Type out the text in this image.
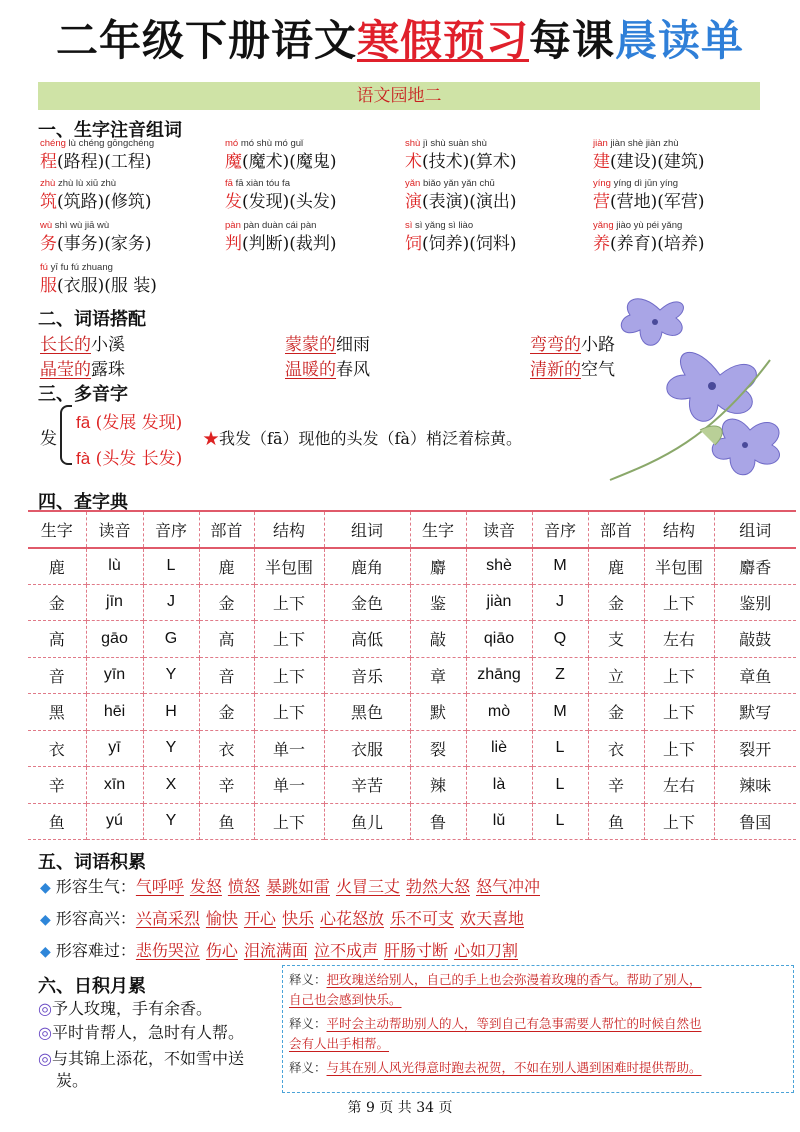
二年级下册语文寒假预习每课晨读单
语文园地二
一、生字注音组词
chéng lù chéng gōngchéng
程(路程)(工程)
mó mó shù mó guǐ
魔(魔术)(魔鬼)
shù jì shù suàn shù
术(技术)(算术)
jiàn jiàn shè jiàn zhù
建(建设)(建筑)
zhù zhù lù xiū zhù
筑(筑路)(修筑)
fā fā xiàn tóu fa
发(发现)(头发)
yǎn biǎo yǎn yǎn chū
演(表演)(演出)
yíng yíng dì jūn yíng
营(营地)(军营)
wù shì wù jiā wù
务(事务)(家务)
pàn pàn duàn cái pàn
判(判断)(裁判)
sì sì yǎng sì liào
饲(饲养)(饲料)
yǎng jiào yù péi yǎng
养(养育)(培养)
fú yī fu fú zhuang
服(衣服)(服 装)
二、词语搭配
长长的小溪	蒙蒙的细雨	弯弯的小路
晶莹的露珠	温暖的春风	清新的空气
三、多音字
发
fā (发展 发现)
fà (头发 长发)
★我发（fā）现他的头发（fà）梢泛着棕黄。
四、查字典
生字	读音	音序	部首	结构	组词	生字	读音	音序	部首	结构	组词
鹿	lù	L	鹿	半包围	鹿角	麝	shè	M	鹿	半包围	麝香
金	jīn	J	金	上下	金色	鉴	jiàn	J	金	上下	鉴别
高	gāo	G	高	上下	高低	敲	qiāo	Q	支	左右	敲鼓
音	yīn	Y	音	上下	音乐	章	zhāng	Z	立	上下	章鱼
黑	hēi	H	金	上下	黑色	默	mò	M	金	上下	默写
衣	yī	Y	衣	单一	衣服	裂	liè	L	衣	上下	裂开
辛	xīn	X	辛	单一	辛苦	辣	là	L	辛	左右	辣味
鱼	yú	Y	鱼	上下	鱼儿	鲁	lǔ	L	鱼	上下	鲁国
五、词语积累
◆ 形容生气：气呼呼 发怒 愤怒 暴跳如雷 火冒三丈 勃然大怒 怒气冲冲
◆ 形容高兴：兴高采烈 愉快 开心 快乐 心花怒放 乐不可支 欢天喜地
◆ 形容难过：悲伤哭泣 伤心 泪流满面 泣不成声 肝肠寸断 心如刀割
六、日积月累
◎予人玫瑰，手有余香。
◎平时肯帮人，急时有人帮。
◎与其锦上添花，不如雪中送
炭。

释义：把玫瑰送给别人，自己的手上也会弥漫着玫瑰的香气。帮助了别人，
自己也会感到快乐。

释义：平时会主动帮助别人的人，等到自己有急事需要人帮忙的时候自然也
会有人出手相帮。

释义：与其在别人风光得意时跑去祝贺，不如在别人遇到困难时提供帮助。

第 9 页 共 34 页
